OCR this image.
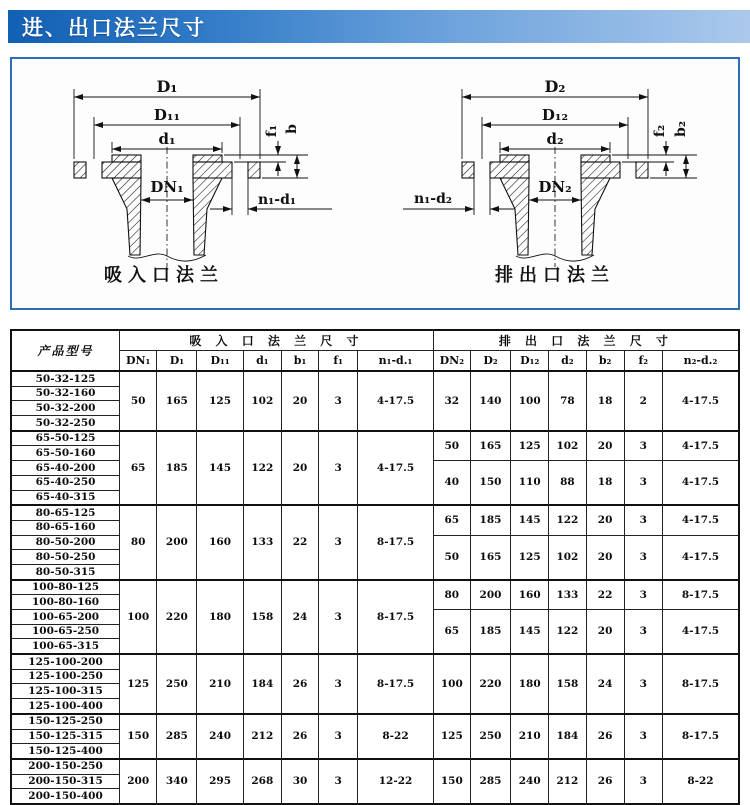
进、出口法兰尺寸
D₁
D₁₁
d₁
DN₁
f₁ b
n₁-d₁
吸入口法兰
D₂
D₁₂
d₂
DN₂
f₂ b₂
n₁-d₂
排出口法兰
产品型号	吸 入 口 法 兰 尺 寸							排 出 口 法 兰 尺 寸						
	DN₁	D₁	D₁₁	d₁	b₁	f₁	n₁-d.₁	DN₂	D₂	D₁₂	d₂	b₂	f₂	n₂-d.₂
50-32-125	50	165	125	102	20	3	4-17.5	32	140	100	78	18	2	4-17.5
50-32-160														
50-32-200														
50-32-250														
65-50-125	65	185	145	122	20	3	4-17.5	50	165	125	102	20	3	4-17.5
65-50-160														
65-40-200								40	150	110	88	18	3	4-17.5
65-40-250														
65-40-315														
80-65-125	80	200	160	133	22	3	8-17.5	65	185	145	122	20	3	4-17.5
80-65-160														
80-50-200								50	165	125	102	20	3	4-17.5
80-50-250														
80-50-315														
100-80-125	100	220	180	158	24	3	8-17.5	80	200	160	133	22	3	8-17.5
100-80-160														
100-65-200								65	185	145	122	20	3	4-17.5
100-65-250														
100-65-315														
125-100-200	125	250	210	184	26	3	8-17.5	100	220	180	158	24	3	8-17.5
125-100-250														
125-100-315														
125-100-400														
150-125-250	150	285	240	212	26	3	8-22	125	250	210	184	26	3	8-17.5
150-125-315														
150-125-400														
200-150-250	200	340	295	268	30	3	12-22	150	285	240	212	26	3	8-22
200-150-315														
200-150-400														
